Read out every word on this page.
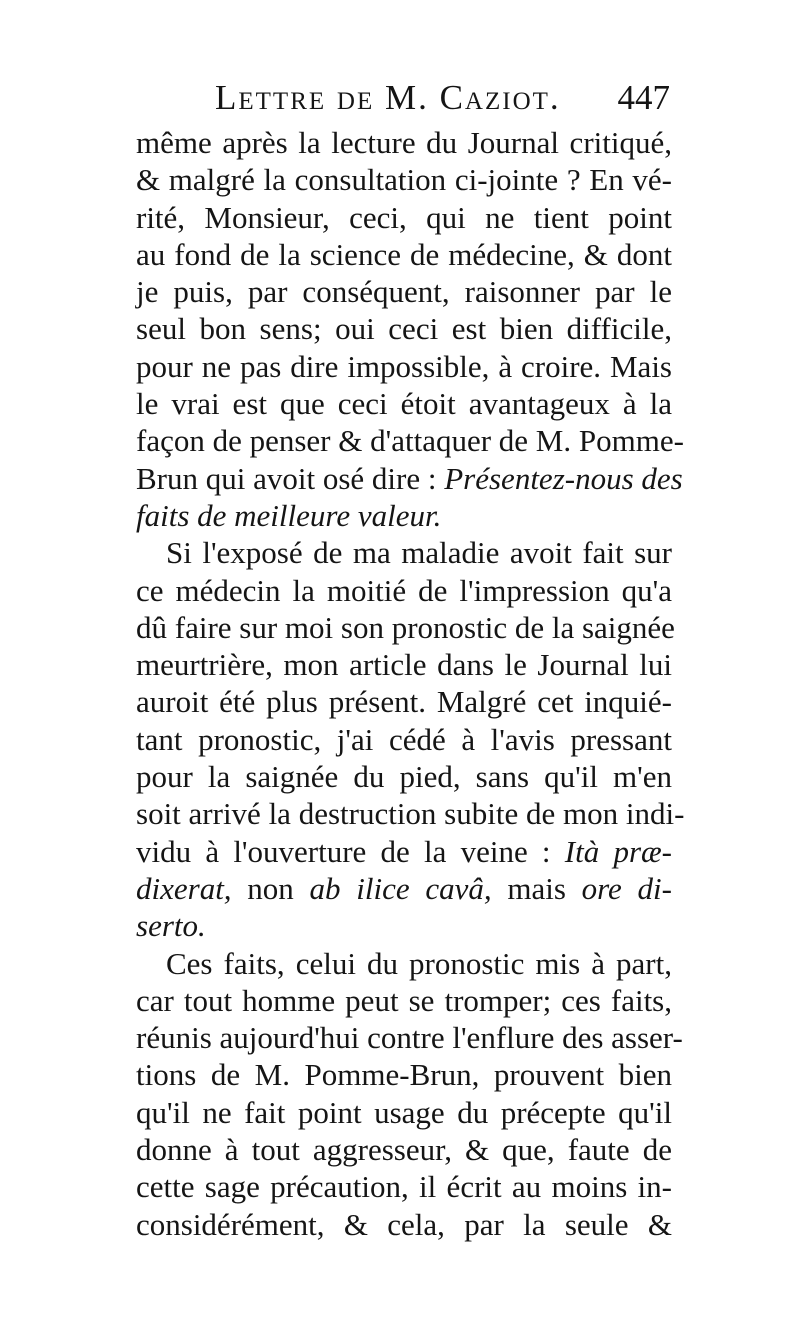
Lettre de M. Caziot. 447
même après la lecture du Journal critiqué,
& malgré la consultation ci-jointe ? En vé-
rité, Monsieur, ceci, qui ne tient point
au fond de la science de médecine, & dont
je puis, par conséquent, raisonner par le
seul bon sens; oui ceci est bien difficile,
pour ne pas dire impossible, à croire. Mais
le vrai est que ceci étoit avantageux à la
façon de penser & d'attaquer de M. Pomme-
Brun qui avoit osé dire : Présentez-nous des
faits de meilleure valeur.
Si l'exposé de ma maladie avoit fait sur
ce médecin la moitié de l'impression qu'a
dû faire sur moi son pronostic de la saignée
meurtrière, mon article dans le Journal lui
auroit été plus présent. Malgré cet inquié-
tant pronostic, j'ai cédé à l'avis pressant
pour la saignée du pied, sans qu'il m'en
soit arrivé la destruction subite de mon indi-
vidu à l'ouverture de la veine : Ità præ-
dixerat, non ab ilice cavâ, mais ore di-
serto.
Ces faits, celui du pronostic mis à part,
car tout homme peut se tromper; ces faits,
réunis aujourd'hui contre l'enflure des asser-
tions de M. Pomme-Brun, prouvent bien
qu'il ne fait point usage du précepte qu'il
donne à tout aggresseur, & que, faute de
cette sage précaution, il écrit au moins in-
considérément, & cela, par la seule &
